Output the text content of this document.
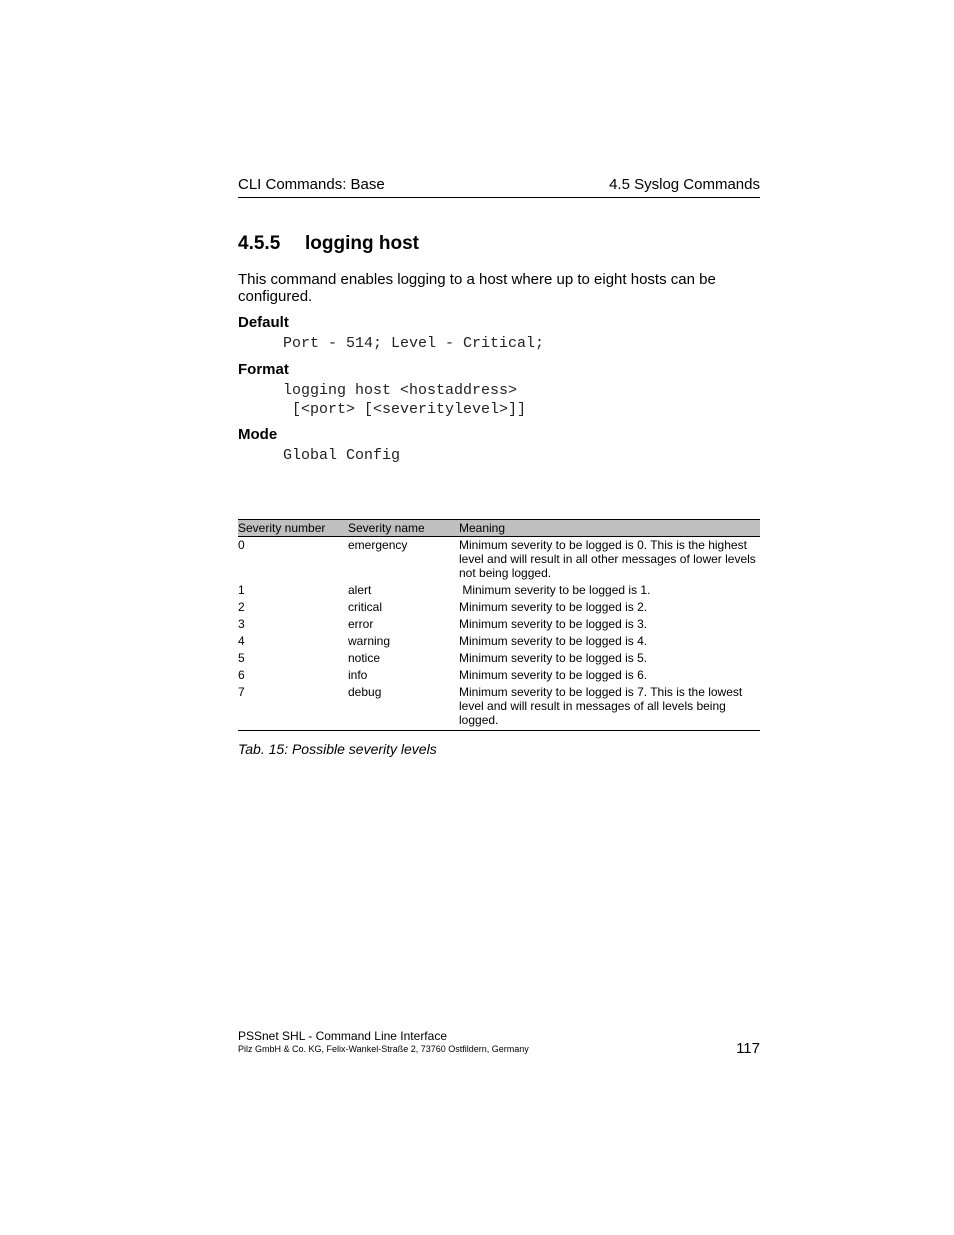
CLI Commands: Base	4.5 Syslog Commands
4.5.5 logging host

This command enables logging to a host where up to eight hosts can be configured.

Default

Port - 514; Level - Critical;

Format

logging host <hostaddress>
[<port> [<severitylevel>]]

Mode

Global Config
Severity number	Severity name	Meaning
0	emergency	Minimum severity to be logged is 0. This is the highest level and will result in all other messages of lower levels not being logged.
1	alert	Minimum severity to be logged is 1.
2	critical	Minimum severity to be logged is 2.
3	error	Minimum severity to be logged is 3.
4	warning	Minimum severity to be logged is 4.
5	notice	Minimum severity to be logged is 5.
6	info	Minimum severity to be logged is 6.
7	debug	Minimum severity to be logged is 7. This is the lowest level and will result in messages of all levels being logged.

Tab. 15: Possible severity levels

PSSnet SHL - Command Line Interface

Pilz GmbH & Co. KG, Felix-Wankel-Straße 2, 73760 Ostfildern, Germany	117
